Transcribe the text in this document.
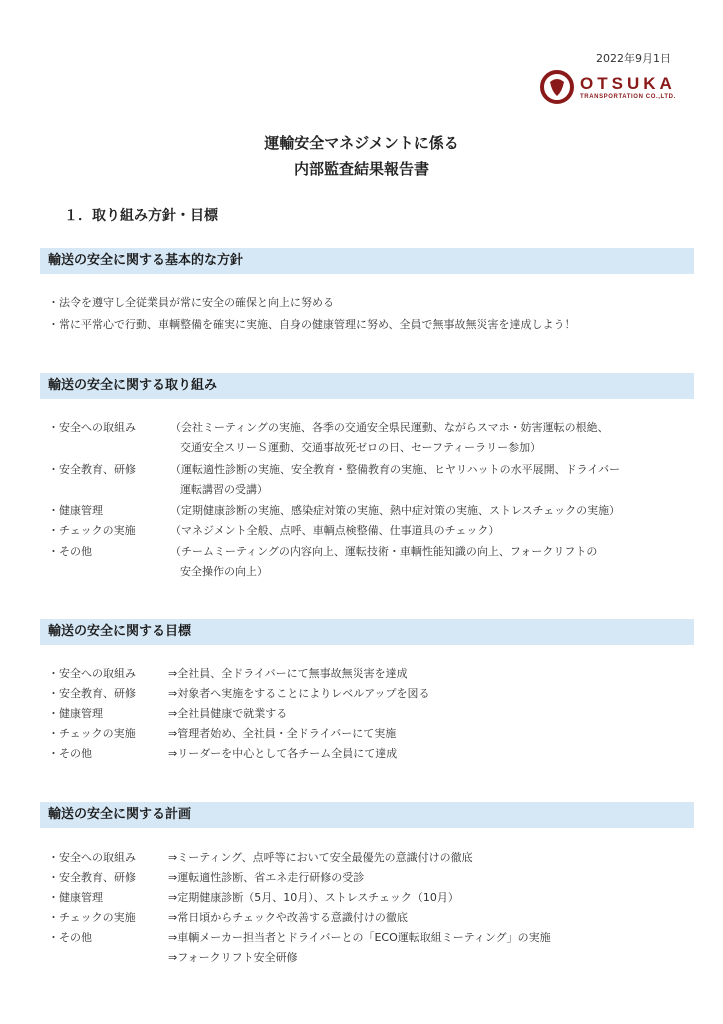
2022年9月1日
OTSUKA
TRANSPORTATION CO.,LTD.
運輸安全マネジメントに係る
内部監査結果報告書
１．取り組み方針・目標
輸送の安全に関する基本的な方針
・法令を遵守し全従業員が常に安全の確保と向上に努める
・常に平常心で行動、車輌整備を確実に実施、自身の健康管理に努め、全員で無事故無災害を達成しよう！
輸送の安全に関する取り組み
・安全への取組み	（会社ミーティングの実施、各季の交通安全県民運動、ながらスマホ・妨害運転の根絶、
交通安全スリーＳ運動、交通事故死ゼロの日、セーフティーラリー参加）
・安全教育、研修	（運転適性診断の実施、安全教育・整備教育の実施、ヒヤリハットの水平展開、ドライバー
運転講習の受講）
・健康管理	（定期健康診断の実施、感染症対策の実施、熱中症対策の実施、ストレスチェックの実施）
・チェックの実施	（マネジメント全般、点呼、車輌点検整備、仕事道具のチェック）
・その他	（チームミーティングの内容向上、運転技術・車輌性能知識の向上、フォークリフトの
安全操作の向上）
輸送の安全に関する目標
・安全への取組み	⇒全社員、全ドライバーにて無事故無災害を達成
・安全教育、研修	⇒対象者へ実施をすることによりレベルアップを図る
・健康管理	⇒全社員健康で就業する
・チェックの実施	⇒管理者始め、全社員・全ドライバーにて実施
・その他	⇒リーダーを中心として各チーム全員にて達成
輸送の安全に関する計画
・安全への取組み	⇒ミーティング、点呼等において安全最優先の意識付けの徹底
・安全教育、研修	⇒運転適性診断、省エネ走行研修の受診
・健康管理	⇒定期健康診断（5月、10月）、ストレスチェック（10月）
・チェックの実施	⇒常日頃からチェックや改善する意識付けの徹底
・その他	⇒車輌メーカー担当者とドライバーとの「ECO運転取組ミーティング」の実施
⇒フォークリフト安全研修
